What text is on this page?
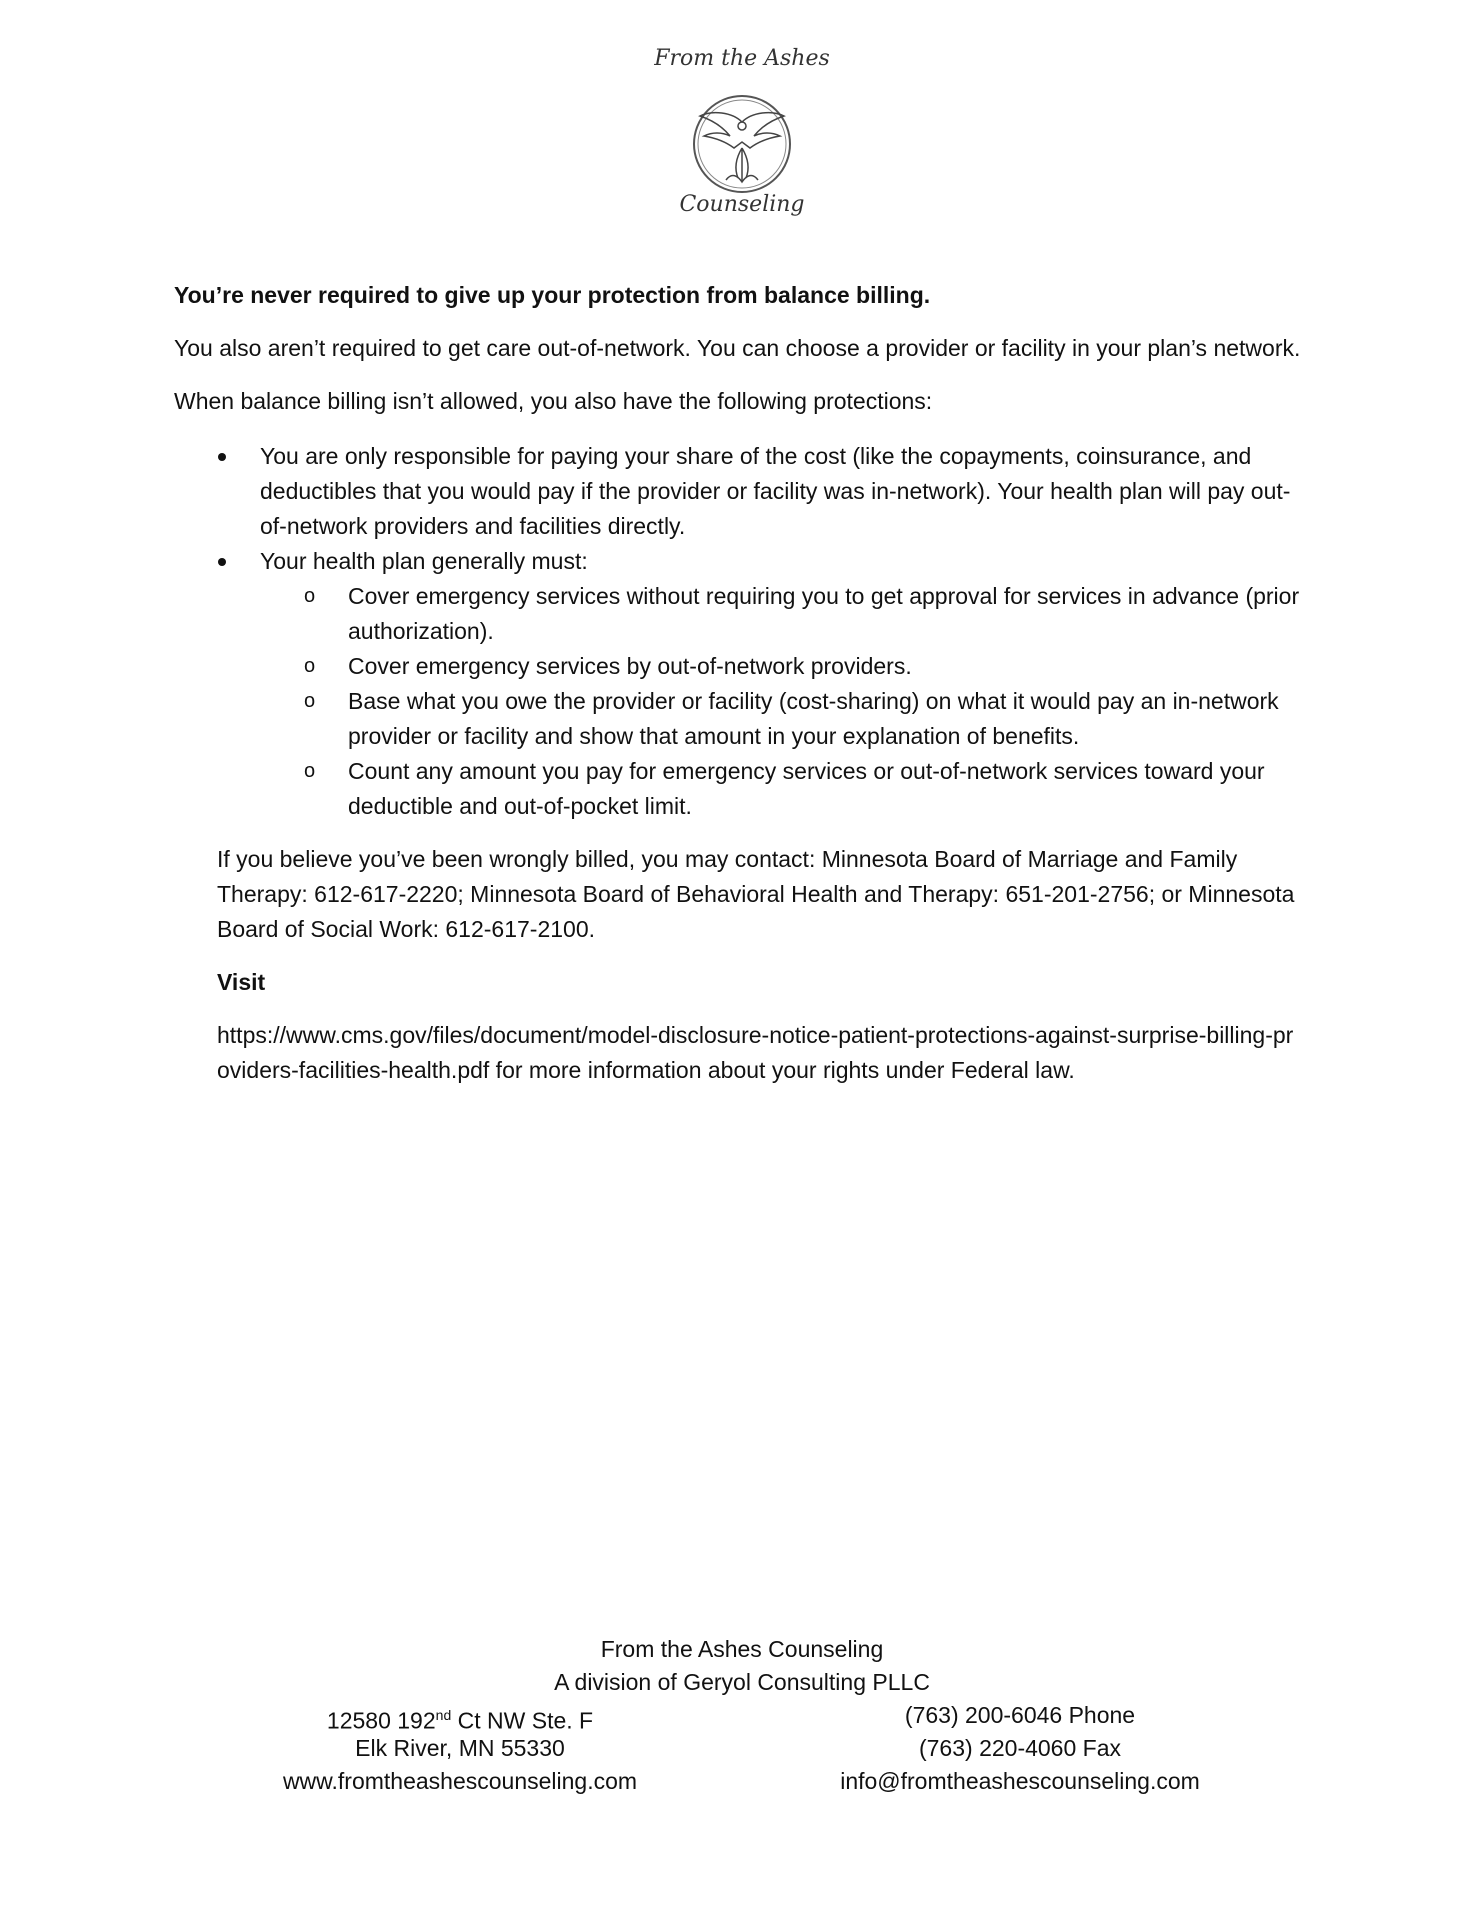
From the Ashes
Counseling

You’re never required to give up your protection from balance billing.

You also aren’t required to get care out-of-network. You can choose a provider or facility in your plan’s network.

When balance billing isn’t allowed, you also have the following protections:

You are only responsible for paying your share of the cost (like the copayments, coinsurance, and deductibles that you would pay if the provider or facility was in-network). Your health plan will pay out-of-network providers and facilities directly.
Your health plan generally must:
o Cover emergency services without requiring you to get approval for services in advance (prior authorization).
o Cover emergency services by out-of-network providers.
o Base what you owe the provider or facility (cost-sharing) on what it would pay an in-network provider or facility and show that amount in your explanation of benefits.
o Count any amount you pay for emergency services or out-of-network services toward your deductible and out-of-pocket limit.

If you believe you’ve been wrongly billed, you may contact: Minnesota Board of Marriage and Family Therapy: 612-617-2220; Minnesota Board of Behavioral Health and Therapy: 651-201-2756; or Minnesota Board of Social Work: 612-617-2100.

Visit

https://www.cms.gov/files/document/model-disclosure-notice-patient-protections-against-surprise-billing-pr oviders-facilities-health.pdf for more information about your rights under Federal law.

From the Ashes Counseling
A division of Geryol Consulting PLLC
12580 192nd Ct NW Ste. F	(763) 200-6046 Phone
Elk River, MN 55330	(763) 220-4060 Fax
www.fromtheashescounseling.com	info@fromtheashescounseling.com
